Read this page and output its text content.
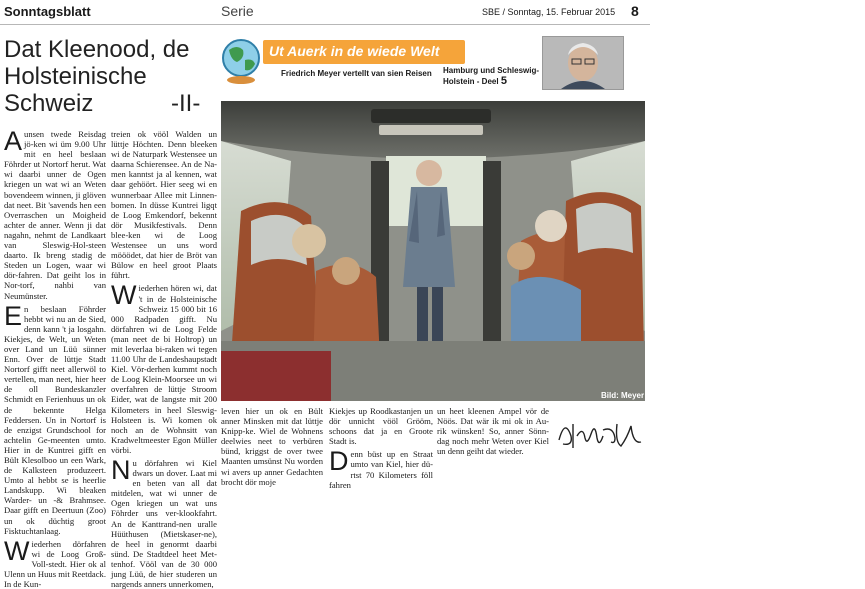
Sonntagsblatt	Serie	SBE / Sonntag, 15. Februar 2015 8
Dat Kleenood, de
Holsteinische
Schweiz	-II-
Ut Auerk in de wiede Welt
Friedrich Meyer vertellt van sien Reisen Hamburg und Schleswig-
Holstein - Deel 5

Aunsen twede Reisdag jö-ken wi üm 9.00 Uhr mit en heel beslaan Föhrder ut Nortorf herut. Wat wi daarbi unner de Ogen kriegen un wat wi an Weten bovendeem winnen, ji glöven dat neet. Bit 'savends hen een Overraschen un Moigheid achter de anner. Wenn ji dat nagahn, nehmt de Landkaart van Sleswig-Hol-steen daarto. Ik breng stadig de Steden un Logen, waar wi dör-fahren. Dat geiht los in Nor-torf, nahbi van Neumünster.

En beslaan Föhrder hebbt wi nu an de Sied, denn kann 't ja losgahn. Kiekjes, de Welt, un Weten over Land un Lüü sünner Enn. Over de lüttje Stadt Nortorf gifft neet allerwöl to vertellen, man neet, hier heer de oll Bundeskanzler Schmidt en Ferienhuus un ok de bekennte Helga Feddersen. Un in Nortorf is de enzigst Grundschool for achtelin Ge-meenten umto. Hier in de Kuntrei gifft en Bült Klesolboo un een Wark, de Kalksteen produzeert. Umto al hebbt se is heerlie Landskupp. Wi bleaken Warder- un -& Brahmsee. Daar gifft en Deertuun (Zoo) un ok düchtig groot Fisktuchtanlaag.

Wiederhen dörfahren wi de Loog Groß-Voll-stedt. Hier ok al Ulenn un Huus mit Reetdack. In de Kun-

treien ok vööl Walden un lüttje Höchten. Denn bleeken wi de Naturpark Westensee un daarna Schierensee. An de Na-men kanntst ja al kennen, wat daar gehöört. Hier seeg wi en wunnerbaar Allee mit Linnen-bomen. In düsse Kuntrei ligqt de Loog Emkendorf, bekennt dör Musikfestivals. Denn blee-ken wi de Loog Westensee un uns word mööödet, dat hier de Bröt van Bülow en heel groot Plaats führt.

Wiederhen hören wi, dat 't in de Holsteinische Schweiz 15 000 bit 16 000 Radpaden gifft. Nu dörfahren wi de Loog Felde (man neet de bi Holtrop) un mit leverlaa bi-raken wi tegen 11.00 Uhr de Landeshaupstadt Kiel. Vör-derhen kummt noch de Loog Klein-Moorsee un wi overfahren de lüttje Stroom Eider, wat de langste mit 200 Kilometers in heel Sleswig-Holsteen is. Wi komen ok noch an de Wohnsitt van Kradweltmeester Egon Müller vörbi.

Nu dörfahren wi Kiel dwars un dover. Laat mi en beten van all dat mitdelen, wat wi unner de Ogen kriegen un wat uns Föhrder uns ver-klookfahrt. An de Kanttrand-nen uralle Hüüthusen (Mietskaser-ne), de heel in genormt daarbi sünd. De Stadtdeel heet Met-tenhof. Vööl van de 30 000 jung Lüü, de hier studeren un nargends anners unnerkomen,

Disse Mann hett uns de hele Dag geleidt".
Bild: Meyer

leven hier un ok en Bült anner Minsken mit dat lüttje Knipp-ke. Wiel de Wohnens deelwies neet to verbüren bünd, kriggst de over twee Maanten umsünst Nu worden wi avers up anner Gedachten brocht dör moje

Kiekjes up Roodkastanjen un dör unnicht vööl Grööm, schoons dat ja en Groote Stadt is.

Denn büst up en Straat umto van Kiel, hier dü-rtst 70 Kilometers föll fahren

un heet kleenen Ampel vör de Nöös. Dat wär ik mi ok in Au-rik wünsken! So, anner Sönn-dag noch mehr Weten over Kiel un denn geiht dat wieder.
